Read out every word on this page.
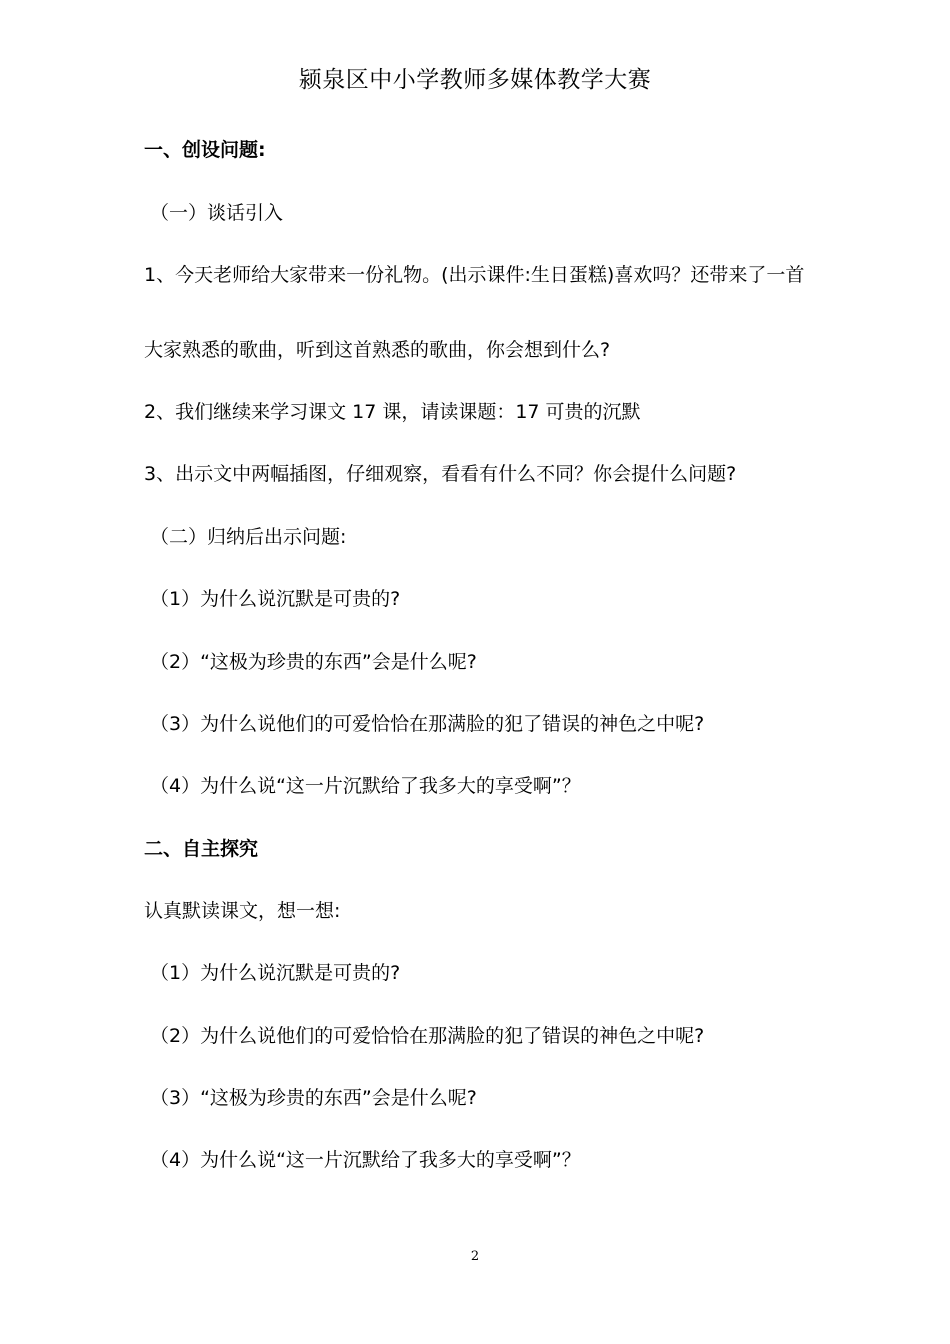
颍泉区中小学教师多媒体教学大赛
一、创设问题:
（一）谈话引入
1、今天老师给大家带来一份礼物。(出示课件:生日蛋糕)喜欢吗？还带来了一首
大家熟悉的歌曲，听到这首熟悉的歌曲，你会想到什么?
2、我们继续来学习课文 17 课，请读课题：17 可贵的沉默
3、出示文中两幅插图，仔细观察，看看有什么不同？你会提什么问题?
（二）归纳后出示问题:
（1）为什么说沉默是可贵的?
（2）“这极为珍贵的东西”会是什么呢?
（3）为什么说他们的可爱恰恰在那满脸的犯了错误的神色之中呢?
（4）为什么说“这一片沉默给了我多大的享受啊”？
二、自主探究
认真默读课文，想一想:
（1）为什么说沉默是可贵的?
（2）为什么说他们的可爱恰恰在那满脸的犯了错误的神色之中呢?
（3）“这极为珍贵的东西”会是什么呢?
（4）为什么说“这一片沉默给了我多大的享受啊”？
2
